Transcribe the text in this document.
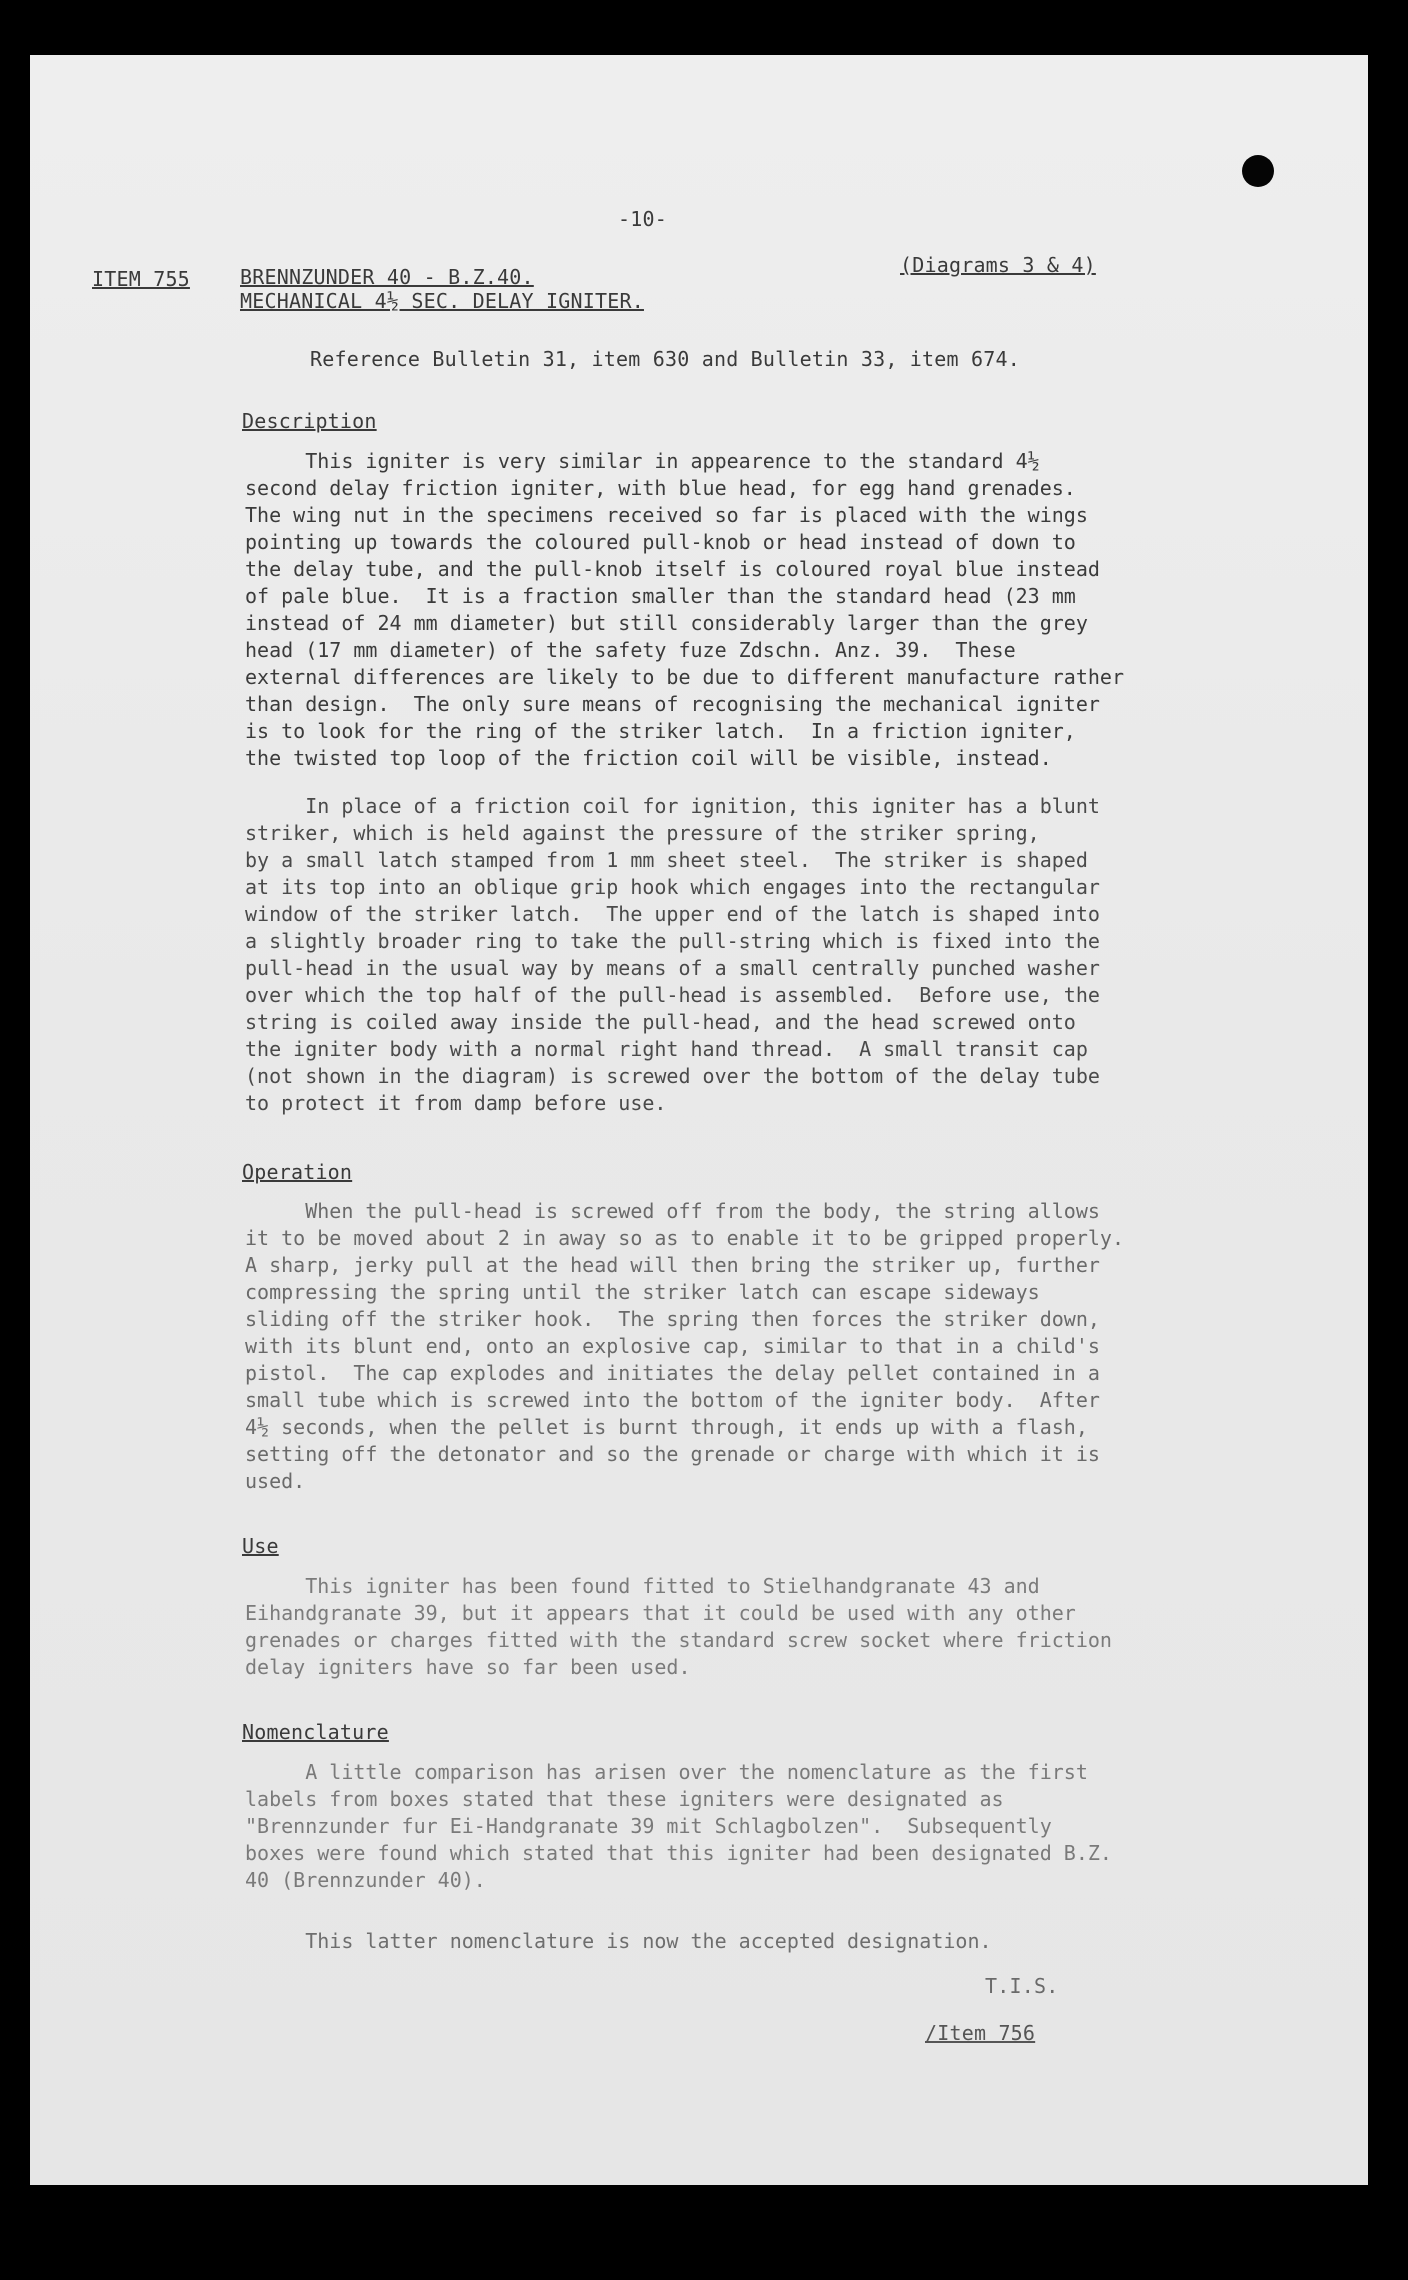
-10-
ITEM 755	BRENNZUNDER 40 - B.Z.40.
MECHANICAL 4½ SEC. DELAY IGNITER.
(Diagrams 3 & 4)
Reference Bulletin 31, item 630 and Bulletin 33, item 674.
Description
This igniter is very similar in appearence to the standard 4½
second delay friction igniter, with blue head, for egg hand grenades.
The wing nut in the specimens received so far is placed with the wings
pointing up towards the coloured pull-knob or head instead of down to
the delay tube, and the pull-knob itself is coloured royal blue instead
of pale blue.  It is a fraction smaller than the standard head (23 mm
instead of 24 mm diameter) but still considerably larger than the grey
head (17 mm diameter) of the safety fuze Zdschn. Anz. 39.  These
external differences are likely to be due to different manufacture rather
than design.  The only sure means of recognising the mechanical igniter
is to look for the ring of the striker latch.  In a friction igniter,
the twisted top loop of the friction coil will be visible, instead.
In place of a friction coil for ignition, this igniter has a blunt
striker, which is held against the pressure of the striker spring,
by a small latch stamped from 1 mm sheet steel.  The striker is shaped
at its top into an oblique grip hook which engages into the rectangular
window of the striker latch.  The upper end of the latch is shaped into
a slightly broader ring to take the pull-string which is fixed into the
pull-head in the usual way by means of a small centrally punched washer
over which the top half of the pull-head is assembled.  Before use, the
string is coiled away inside the pull-head, and the head screwed onto
the igniter body with a normal right hand thread.  A small transit cap
(not shown in the diagram) is screwed over the bottom of the delay tube
to protect it from damp before use.
Operation
When the pull-head is screwed off from the body, the string allows
it to be moved about 2 in away so as to enable it to be gripped properly.
A sharp, jerky pull at the head will then bring the striker up, further
compressing the spring until the striker latch can escape sideways
sliding off the striker hook.  The spring then forces the striker down,
with its blunt end, onto an explosive cap, similar to that in a child's
pistol.  The cap explodes and initiates the delay pellet contained in a
small tube which is screwed into the bottom of the igniter body.  After
4½ seconds, when the pellet is burnt through, it ends up with a flash,
setting off the detonator and so the grenade or charge with which it is
used.
Use
This igniter has been found fitted to Stielhandgranate 43 and
Eihandgranate 39, but it appears that it could be used with any other
grenades or charges fitted with the standard screw socket where friction
delay igniters have so far been used.
Nomenclature
A little comparison has arisen over the nomenclature as the first
labels from boxes stated that these igniters were designated as
"Brennzunder fur Ei-Handgranate 39 mit Schlagbolzen".  Subsequently
boxes were found which stated that this igniter had been designated B.Z.
40 (Brennzunder 40).
This latter nomenclature is now the accepted designation.
T.I.S.
/Item 756
